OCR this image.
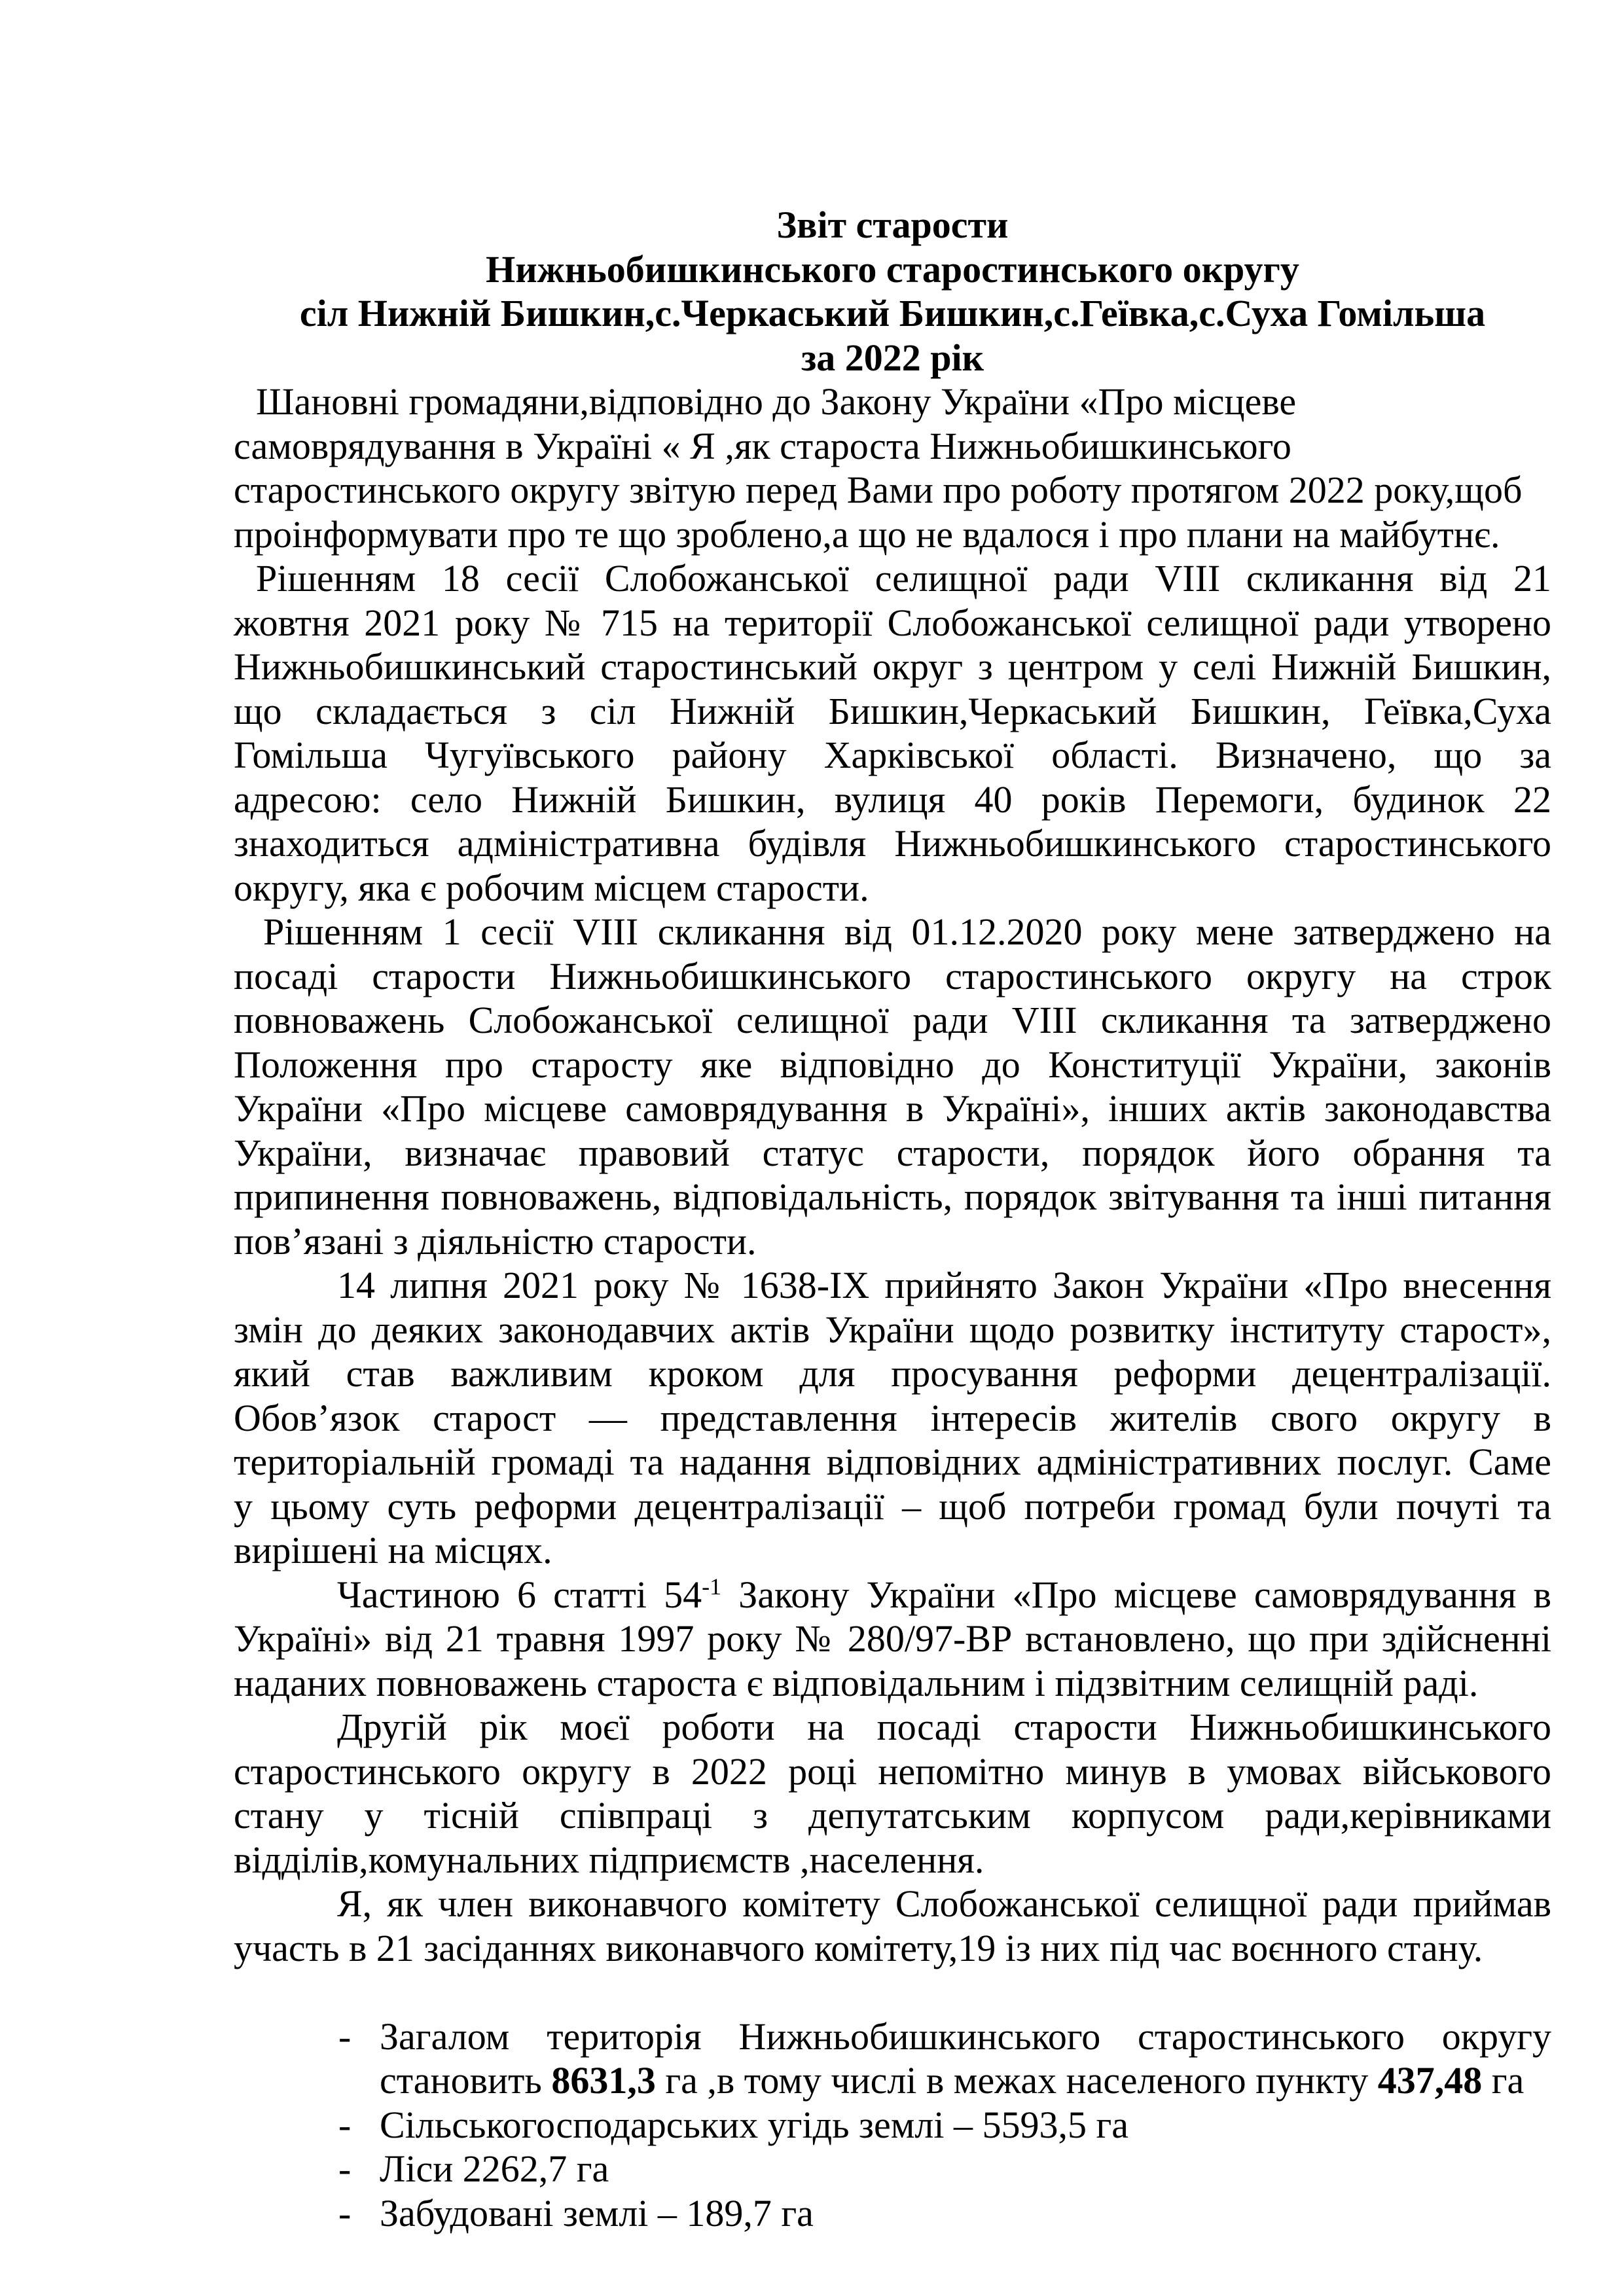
Звіт старости
Нижньобишкинського старостинського округу
сіл Нижній Бишкин,с.Черкаський Бишкин,с.Геївка,с.Суха Гомільша
за 2022 рік
Шановні громадяни,відповідно до Закону України «Про місцеве
самоврядування в Україні « Я ,як староста Нижньобишкинського
старостинського округу звітую перед Вами про роботу протягом 2022 року,щоб
проінформувати про те що зроблено,а що не вдалося і про плани на майбутнє.
Рішенням 18 сесії Слобожанської селищної ради VIII скликання від 21
жовтня 2021 року № 715 на території Слобожанської селищної ради утворено
Нижньобишкинський старостинський округ з центром у селі Нижній Бишкин,
що складається з сіл Нижній Бишкин,Черкаський Бишкин, Геївка,Суха
Гомільша Чугуївського району Харківської області. Визначено, що за
адресою: село Нижній Бишкин, вулиця 40 років Перемоги, будинок 22
знаходиться адміністративна будівля Нижньобишкинського старостинського
округу, яка є робочим місцем старости.
Рішенням 1 сесії VIII скликання від 01.12.2020 року мене затверджено на
посаді старости Нижньобишкинського старостинського округу на строк
повноважень Слобожанської селищної ради VIII скликання та затверджено
Положення про старосту яке відповідно до Конституції України, законів
України «Про місцеве самоврядування в Україні», інших актів законодавства
України, визначає правовий статус старости, порядок його обрання та
припинення повноважень, відповідальність, порядок звітування та інші питання
пов’язані з діяльністю старости.
14 липня 2021 року № 1638-IX прийнято Закон України «Про внесення
змін до деяких законодавчих актів України щодо розвитку інституту старост»,
який став важливим кроком для просування реформи децентралізації.
Обов’язок старост — представлення інтересів жителів свого округу в
територіальній громаді та надання відповідних адміністративних послуг. Саме
у цьому суть реформи децентралізації – щоб потреби громад були почуті та
вирішені на місцях.
Частиною 6 статті $54^{-1}$ Закону України «Про місцеве самоврядування в
Україні» від 21 травня 1997 року № 280/97-ВР встановлено, що при здійсненні
наданих повноважень староста є відповідальним і підзвітним селищній раді.
Другій рік моєї роботи на посаді старости Нижньобишкинського
старостинського округу в 2022 році непомітно минув в умовах військового
стану у тісній співпраці з депутатським корпусом ради,керівниками
відділів,комунальних підприємств ,населення.
Я, як член виконавчого комітету Слобожанської селищної ради приймав
участь в 21 засіданнях виконавчого комітету,19 із них під час воєнного стану.
- Загалом територія Нижньобишкинського старостинського округу
становить 8631,3 га ,в тому числі в межах населеного пункту 437,48 га
- Сільськогосподарських угідь землі – 5593,5 га
- Ліси 2262,7 га
- Забудовані землі – 189,7 га
